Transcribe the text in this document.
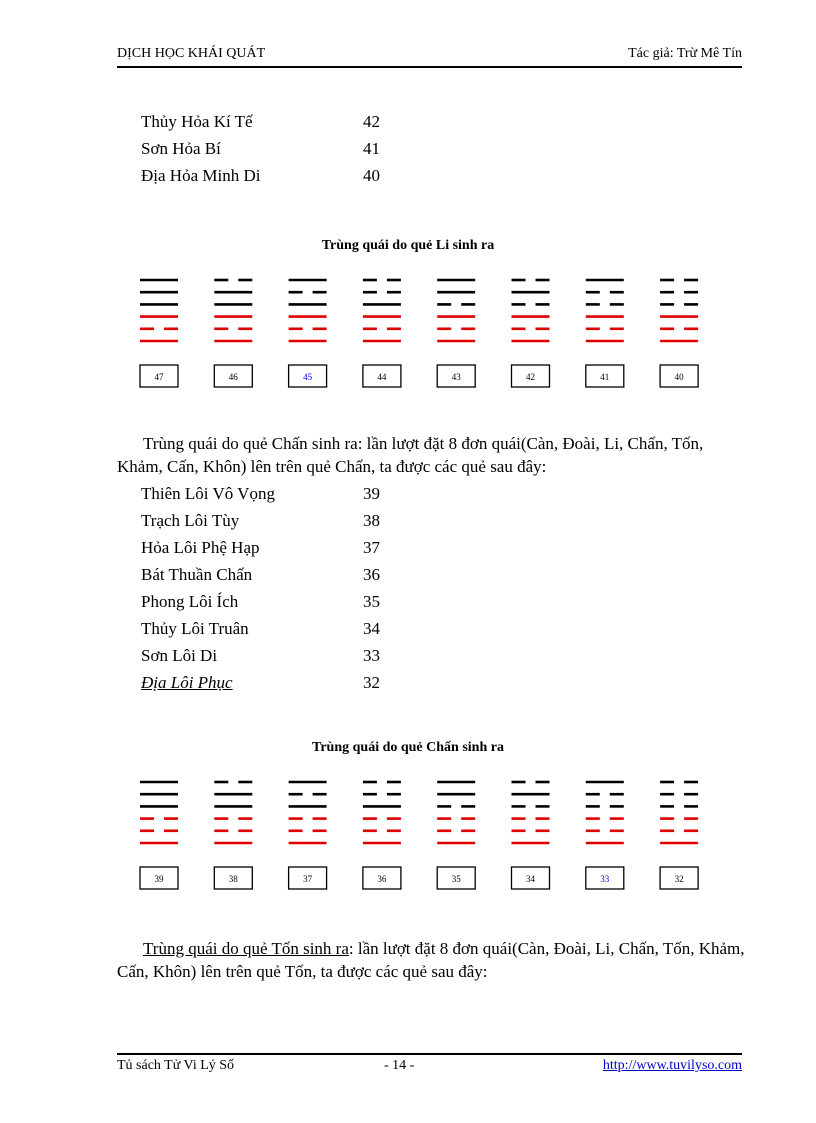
DỊCH HỌC KHÁI QUÁT	Tác giả: Trừ Mê Tín
Thủy Hỏa Kí Tế	42
Sơn Hỏa Bí	41
Địa Hỏa Minh Di	40
Trùng quái do quẻ Li sinh ra
47	46	45	44	43	42	41	40

Trùng quái do quẻ Chấn sinh ra: lần lượt đặt 8 đơn quái(Càn, Đoài, Li, Chấn, Tốn, Khảm, Cấn, Khôn) lên trên quẻ Chấn, ta được các quẻ sau đây:

Thiên Lôi Vô Vọng	39
Trạch Lôi Tùy	38
Hỏa Lôi Phệ Hạp	37
Bát Thuần Chấn	36
Phong Lôi Ích	35
Thủy Lôi Truân	34
Sơn Lôi Di	33
Địa Lôi Phục	32
Trùng quái do quẻ Chấn sinh ra
39	38	37	36	35	34	33	32

Trùng quái do quẻ Tốn sinh ra: lần lượt đặt 8 đơn quái(Càn, Đoài, Li, Chấn, Tốn, Khảm, Cấn, Khôn) lên trên quẻ Tốn, ta được các quẻ sau đây:

Tủ sách Tử Vi Lý Số	- 14 -	http://www.tuvilyso.com
